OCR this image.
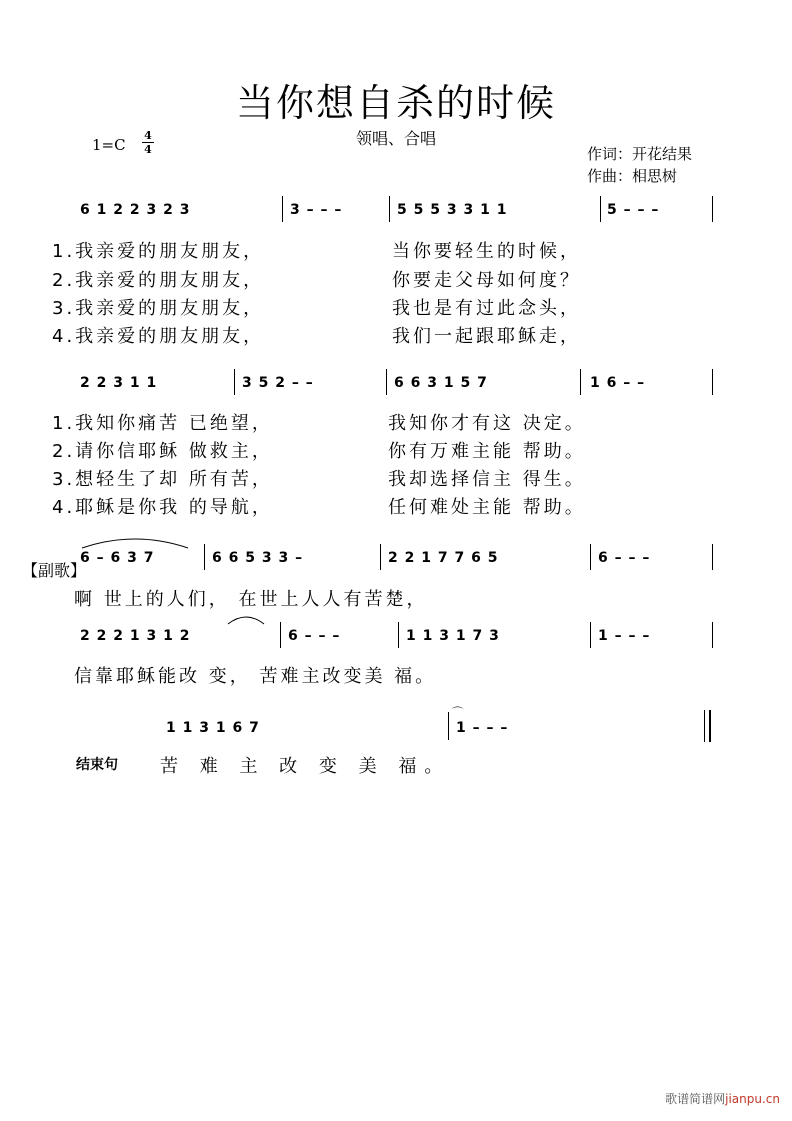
当你想自杀的时候
领唱、合唱
1=C
4
4	作词：开花结果
作曲：相思树
6 1 2 2 3 2 3	3 – – –	5 5 5 3 3 1 1	5 – – –
1.我亲爱的朋友朋友，	当你要轻生的时候，
2.我亲爱的朋友朋友，	你要走父母如何度？
3.我亲爱的朋友朋友，	我也是有过此念头，
4.我亲爱的朋友朋友，	我们一起跟耶稣走，
2 2 3 1 1	3 5 2 – –	6 6 3 1 5 7	1 6 – –
1.我知你痛苦 已绝望，	我知你才有这 决定。
2.请你信耶稣 做救主，	你有万难主能 帮助。
3.想轻生了却 所有苦，	我却选择信主 得生。
4.耶稣是你我 的导航，	任何难处主能 帮助。
【副歌】
6 – 6 3 7	6 6 5 3 3 –	2 2 1 7 7 6 5	6 – – –
啊 世上的人们， 在世上人人有苦楚，
2 2 2 1 3 1 2	6 – – –	1 1 3 1 7 3	1 – – –
信靠耶稣能改 变， 苦难主改变美 福。
1 1 3 1 6 7
⌒
1 – – –
结束句 苦 难 主 改 变 美 福。
歌谱简谱网jianpu.cn
